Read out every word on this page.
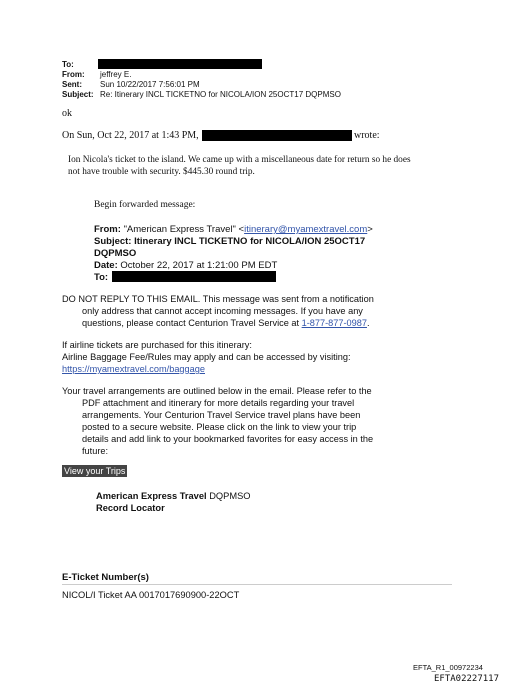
To:
From: jeffrey E.
Sent: Sun 10/22/2017 7:56:01 PM
Subject: Re: Itinerary INCL TICKETNO for NICOLA/ION 25OCT17 DQPMSO
ok
On Sun, Oct 22, 2017 at 1:43 PM,	wrote:
Ion Nicola's ticket to the island. We came up with a miscellaneous date for return so he does
not have trouble with security. $445.30 round trip.
Begin forwarded message:
From: "American Express Travel" <itinerary@myamextravel.com>
Subject: Itinerary INCL TICKETNO for NICOLA/ION 25OCT17
DQPMSO
Date: October 22, 2017 at 1:21:00 PM EDT
To:
DO NOT REPLY TO THIS EMAIL. This message was sent from a notification
only address that cannot accept incoming messages. If you have any
questions, please contact Centurion Travel Service at 1-877-877-0987.
If airline tickets are purchased for this itinerary:
Airline Baggage Fee/Rules may apply and can be accessed by visiting:
https://myamextravel.com/baggage
Your travel arrangements are outlined below in the email. Please refer to the
PDF attachment and itinerary for more details regarding your travel
arrangements. Your Centurion Travel Service travel plans have been
posted to a secure website. Please click on the link to view your trip
details and add link to your bookmarked favorites for easy access in the
future:
View your Trips
American Express Travel DQPMSO
Record Locator
E-Ticket Number(s)
NICOL/I Ticket AA 0017017690900-22OCT
EFTA_R1_00972234
EFTA02227117
